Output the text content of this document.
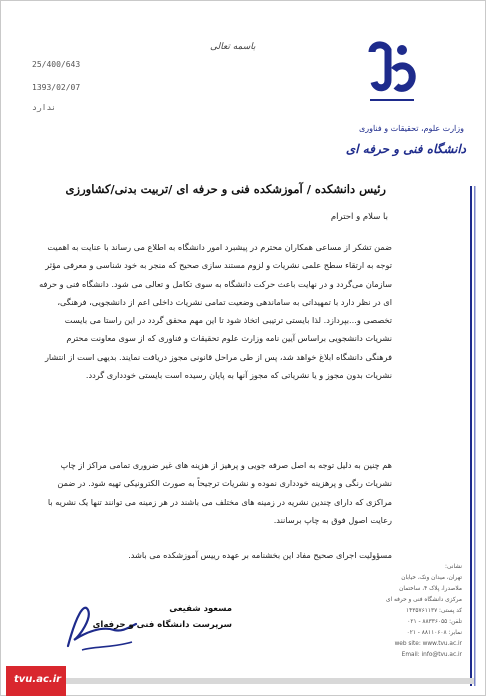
باسمه تعالی
25/400/643
1393/02/07
ندارد
وزارت علوم، تحقیقات و فناوری
دانشگاه فنی و حرفه ای
رئیس دانشکده / آموزشکده فنی و حرفه ای /تربیت بدنی/کشاورزی
با سلام و احترام

ضمن تشکر از مساعی همکاران محترم در پیشبرد امور دانشگاه به اطلاع می رساند با عنایت به اهمیت توجه به ارتقاء سطح علمی نشریات و لزوم مستند سازی صحیح که منجر به خود شناسی و معرفی مؤثر سازمان می‌گردد و در نهایت باعث حرکت دانشگاه به سوی تکامل و تعالی می شود. دانشگاه فنی و حرفه ای در نظر دارد با تمهیداتی به ساماندهی وضعیت تمامی نشریات داخلی اعم از دانشجویی، فرهنگی، تخصصی و...بپردازد. لذا بایستی ترتیبی اتخاذ شود تا این مهم محقق گردد در این راستا می بایست نشریات دانشجویی براساس آیین نامه وزارت علوم تحقیقات و فناوری که از سوی معاونت محترم فرهنگی دانشگاه ابلاغ خواهد شد، پس از طی مراحل قانونی مجوز دریافت نمایند. بدیهی است از انتشار نشریات بدون مجوز و یا نشریاتی که مجوز آنها به پایان رسیده است بایستی خودداری گردد.

هم چنین به دلیل توجه به اصل صرفه جویی و پرهیز از هزینه های غیر ضروری تمامی مراکز از چاپ نشریات رنگی و پرهزینه خودداری نموده و نشریات ترجیحاً به صورت الکترونیکی تهیه شود. در ضمن مراکزی که دارای چندین نشریه در زمینه های مختلف می باشند در هر زمینه می توانند تنها یک نشریه با رعایت اصول فوق به چاپ برسانند.

مسؤولیت اجرای صحیح مفاد این بخشنامه بر عهده رییس آموزشکده می باشد.

مسعود شفیعی
سرپرست دانشگاه فنی و حرفه‌ای
نشانی:
تهران، میدان ونک، خیابان
ملاصدرا، پلاک ۴، ساختمان
مرکزی دانشگاه فنی و حرفه ای
کد پستی: ۱۴۳۵۷۶۱۱۳۷
تلفن: ۸۸۳۳۶۰۵۵ - ۰۲۱
نمابر: ۸۸۱۱۰۶۰۸ - ۰۲۱
web site: www.tvu.ac.ir
Email: info@tvu.ac.ir
tvu.ac.ir
